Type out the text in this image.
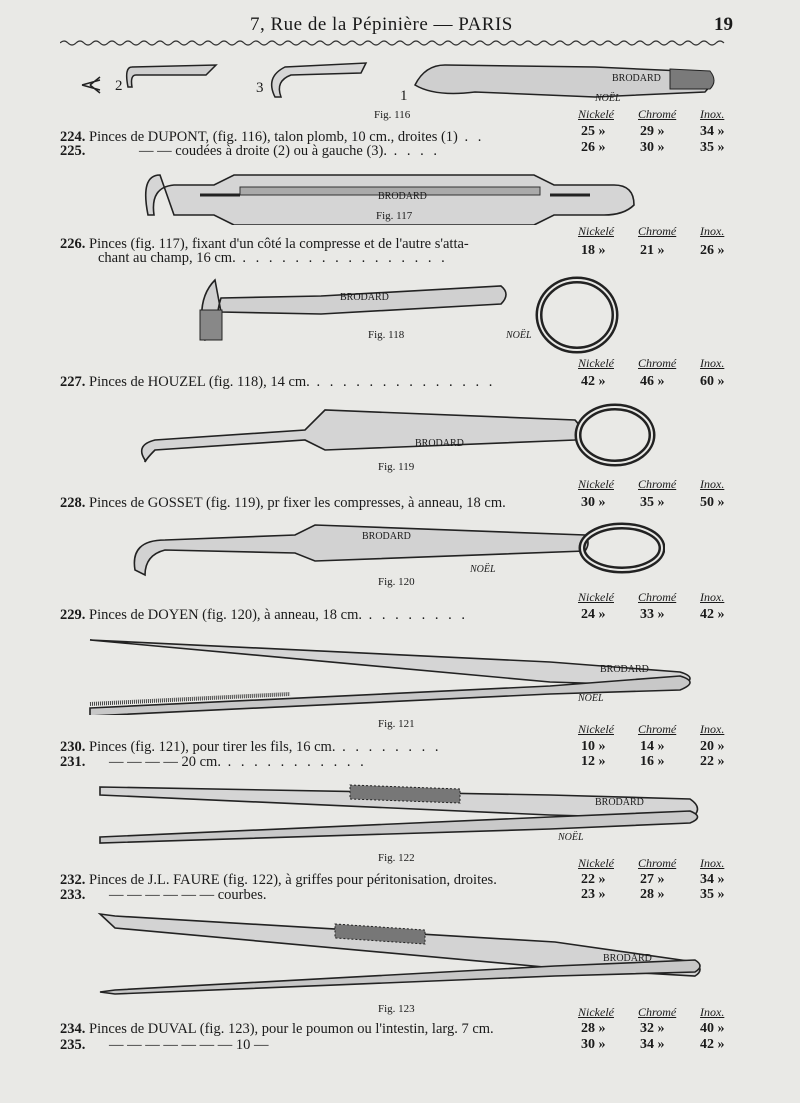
7, Rue de la Pépinière — PARIS	19
2	3	1
BRODARD
NOËL
Fig. 116	Nickelé Chromé Inox.
224. Pinces de DUPONT, (fig. 116), talon plomb, 10 cm., droites (1) . .	25 » 29 »	34 »
225.	— — coudées à droite (2) ou à gauche (3). . . . .	26 » 30 »	35 »
BRODARD
Fig. 117
Nickelé Chromé Inox.
226. Pinces (fig. 117), fixant d'un côté la compresse et de l'autre s'atta-
chant au champ, 16 cm. . . . . . . . . . . . . . . . .	18 » 21 »	26 »
BRODARD
NOËL
Fig. 118
Nickelé Chromé Inox.
227. Pinces de HOUZEL (fig. 118), 14 cm. . . . . . . . . . . . . . .	42 » 46 »	60 »
BRODARD
Fig. 119
Nickelé Chromé Inox.
228. Pinces de GOSSET (fig. 119), pr fixer les compresses, à anneau, 18 cm.	30 » 35 »	50 »
BRODARD
NOËL
Fig. 120
Nickelé Chromé Inox.
229. Pinces de DOYEN (fig. 120), à anneau, 18 cm. . . . . . . . .	24 » 33 »	42 »
BRODARD
NOËL
Fig. 121	Nickelé Chromé Inox.
230. Pinces (fig. 121), pour tirer les fils, 16 cm. . . . . . . . .	10 » 14 »	20 »
231. — — — — 20 cm. . . . . . . . . . . .	12 » 16 »	22 »
BRODARD
NOËL
Fig. 122	Nickelé Chromé Inox.
232. Pinces de J.L. FAURE (fig. 122), à griffes pour péritonisation, droites.	22 » 27 »	34 »
233. — — — — — — courbes.	23 » 28 »	35 »
BRODARD
Fig. 123	Nickelé Chromé Inox.
234. Pinces de DUVAL (fig. 123), pour le poumon ou l'intestin, larg. 7 cm.	28 » 32 »	40 »
235. — — — — — — — 10 —	30 » 34 »	42 »
